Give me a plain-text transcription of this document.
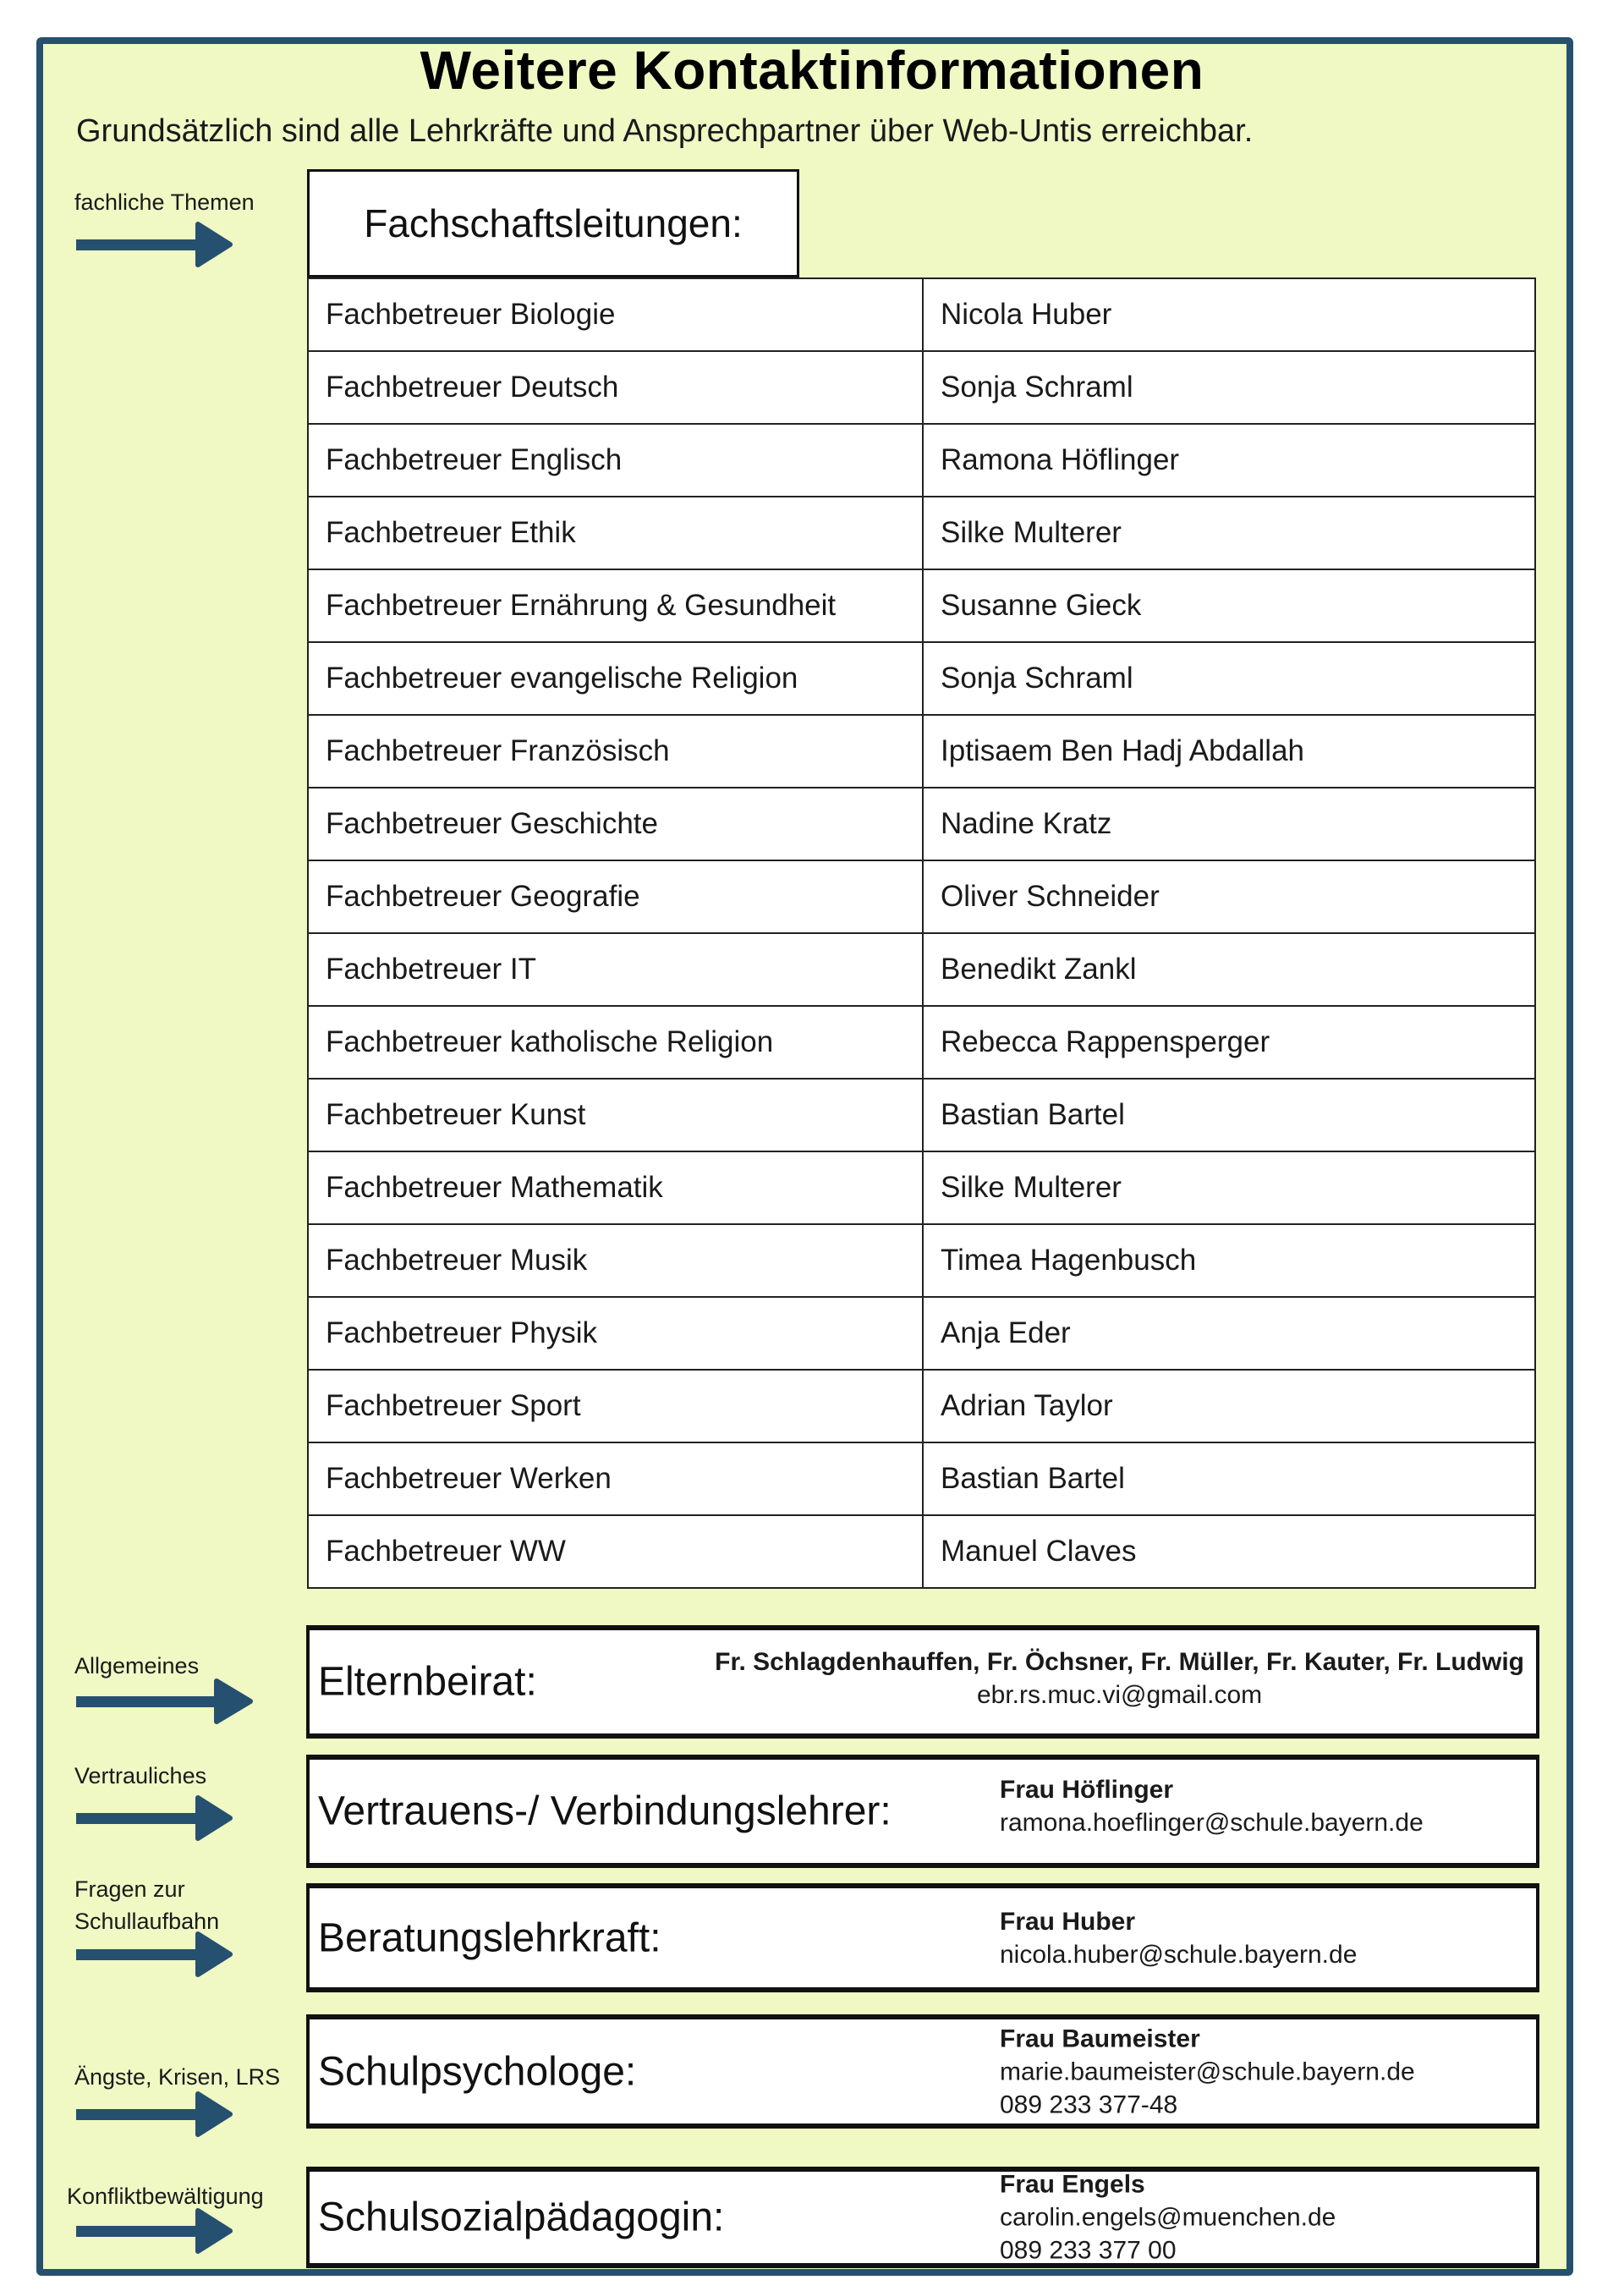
Weitere Kontaktinformationen
Grundsätzlich sind alle Lehrkräfte und Ansprechpartner über Web-Untis erreichbar.
fachliche Themen	Fachschaftsleitungen:
Fachbetreuer Biologie	Nicola Huber
Fachbetreuer Deutsch	Sonja Schraml
Fachbetreuer Englisch	Ramona Höflinger
Fachbetreuer Ethik	Silke Multerer
Fachbetreuer Ernährung & Gesundheit	Susanne Gieck
Fachbetreuer evangelische Religion	Sonja Schraml
Fachbetreuer Französisch	Iptisaem Ben Hadj Abdallah
Fachbetreuer Geschichte	Nadine Kratz
Fachbetreuer Geografie	Oliver Schneider
Fachbetreuer IT	Benedikt Zankl
Fachbetreuer katholische Religion	Rebecca Rappensperger
Fachbetreuer Kunst	Bastian Bartel
Fachbetreuer Mathematik	Silke Multerer
Fachbetreuer Musik	Timea Hagenbusch
Fachbetreuer Physik	Anja Eder
Fachbetreuer Sport	Adrian Taylor
Fachbetreuer Werken	Bastian Bartel
Fachbetreuer WW	Manuel Claves
Allgemeines	Elternbeirat:	Fr. Schlagdenhauffen, Fr. Öchsner, Fr. Müller, Fr. Kauter, Fr. Ludwig
ebr.rs.muc.vi@gmail.com
Vertrauliches
Vertrauens-/ Verbindungslehrer:	Frau Höflinger
ramona.hoeflinger@schule.bayern.de
Fragen zur
Schullaufbahn Beratungslehrkraft:	Frau Huber
nicola.huber@schule.bayern.de
Ängste, Krisen, LRS Schulpsychologe:
Frau Baumeister
marie.baumeister@schule.bayern.de
089 233 377-48
Konfliktbewältigung Schulsozialpädagogin:
Frau Engels
carolin.engels@muenchen.de
089 233 377 00
